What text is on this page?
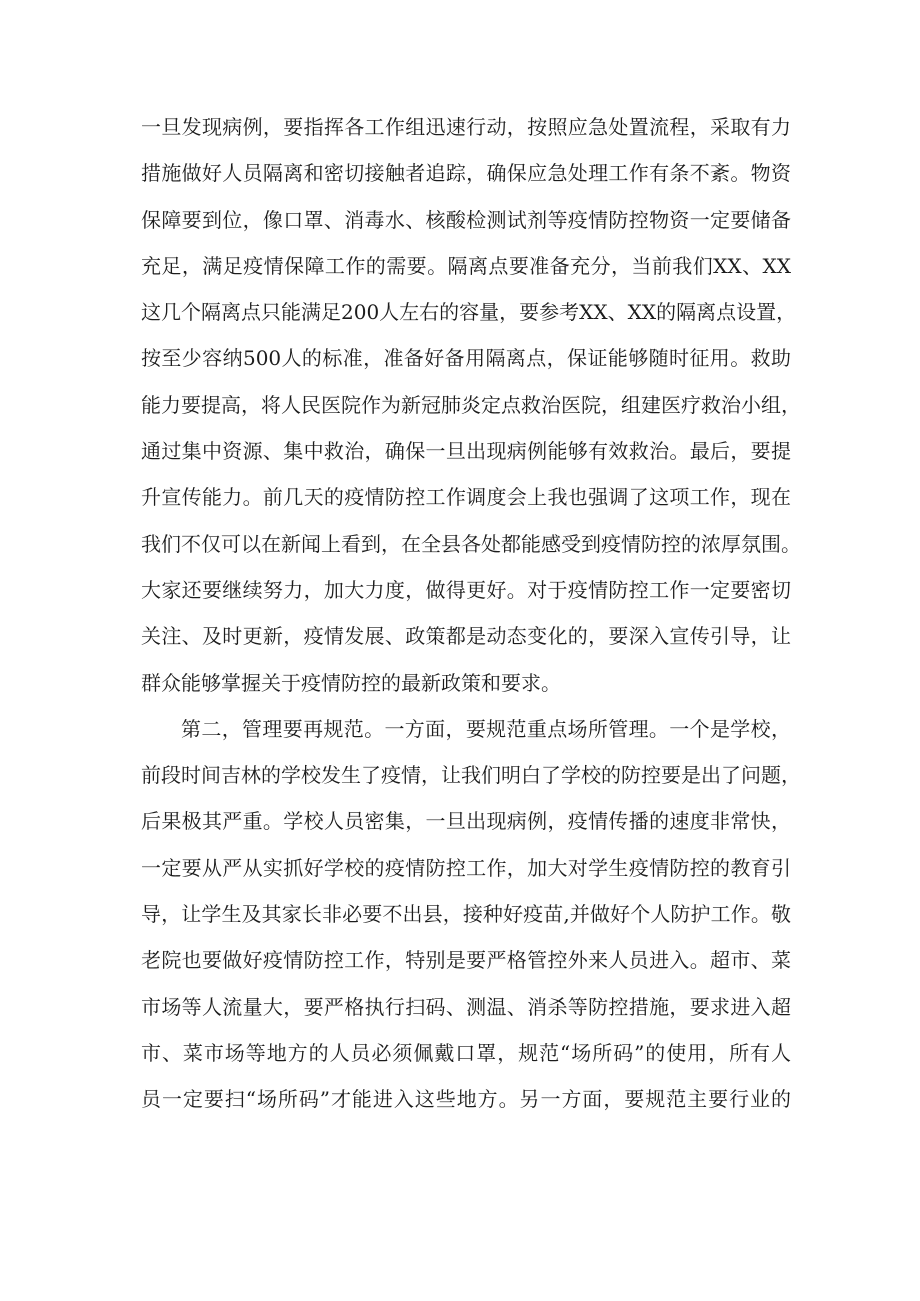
一旦发现病例，要指挥各工作组迅速行动，按照应急处置流程，采取有力
措施做好人员隔离和密切接触者追踪，确保应急处理工作有条不紊。物资
保障要到位，像口罩、消毒水、核酸检测试剂等疫情防控物资一定要储备
充足，满足疫情保障工作的需要。隔离点要准备充分，当前我们XX、XX
这几个隔离点只能满足200人左右的容量，要参考XX、XX的隔离点设置，
按至少容纳500人的标准，准备好备用隔离点，保证能够随时征用。救助
能力要提高，将人民医院作为新冠肺炎定点救治医院，组建医疗救治小组，
通过集中资源、集中救治，确保一旦出现病例能够有效救治。最后，要提
升宣传能力。前几天的疫情防控工作调度会上我也强调了这项工作，现在
我们不仅可以在新闻上看到，在全县各处都能感受到疫情防控的浓厚氛围。
大家还要继续努力，加大力度，做得更好。对于疫情防控工作一定要密切
关注、及时更新，疫情发展、政策都是动态变化的，要深入宣传引导，让
群众能够掌握关于疫情防控的最新政策和要求。
第二，管理要再规范。一方面，要规范重点场所管理。一个是学校，
前段时间吉林的学校发生了疫情，让我们明白了学校的防控要是出了问题，
后果极其严重。学校人员密集，一旦出现病例，疫情传播的速度非常快，
一定要从严从实抓好学校的疫情防控工作，加大对学生疫情防控的教育引
导，让学生及其家长非必要不出县，接种好疫苗,并做好个人防护工作。敬
老院也要做好疫情防控工作，特别是要严格管控外来人员进入。超市、菜
市场等人流量大，要严格执行扫码、测温、消杀等防控措施，要求进入超
市、菜市场等地方的人员必须佩戴口罩，规范“场所码”的使用，所有人
员一定要扫“场所码”才能进入这些地方。另一方面，要规范主要行业的
